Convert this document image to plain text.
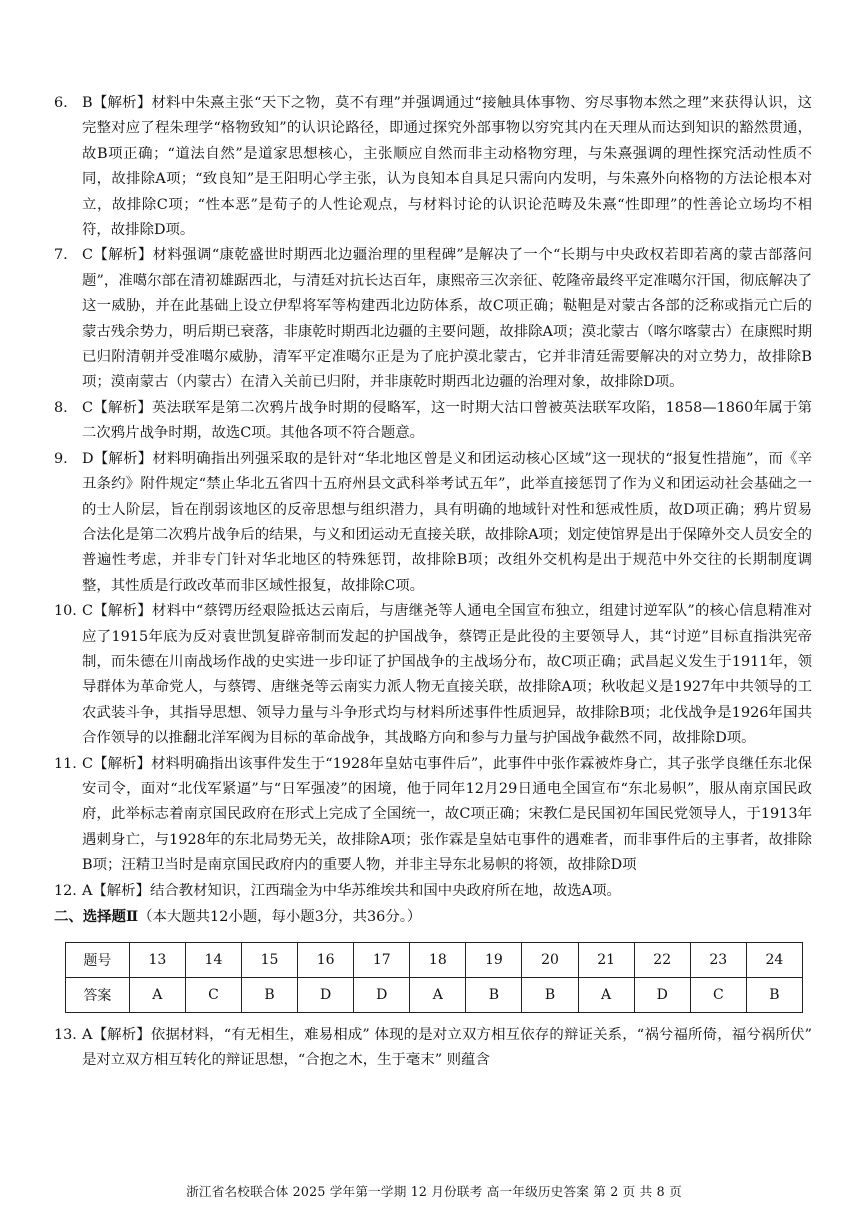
6. B【解析】材料中朱熹主张“天下之物，莫不有理”并强调通过“接触具体事物、穷尽事物本然之理”来获得认识，这完整对应了程朱理学“格物致知”的认识论路径，即通过探究外部事物以穷究其内在天理从而达到知识的豁然贯通，故B项正确；“道法自然”是道家思想核心，主张顺应自然而非主动格物穷理，与朱熹强调的理性探究活动性质不同，故排除A项；“致良知”是王阳明心学主张，认为良知本自具足只需向内发明，与朱熹外向格物的方法论根本对立，故排除C项；“性本恶”是荀子的人性论观点，与材料讨论的认识论范畴及朱熹“性即理”的性善论立场均不相符，故排除D项。
7. C【解析】材料强调“康乾盛世时期西北边疆治理的里程碑”是解决了一个“长期与中央政权若即若离的蒙古部落问题”，准噶尔部在清初雄踞西北，与清廷对抗长达百年，康熙帝三次亲征、乾隆帝最终平定准噶尔汗国，彻底解决了这一威胁，并在此基础上设立伊犁将军等构建西北边防体系，故C项正确；鞑靼是对蒙古各部的泛称或指元亡后的蒙古残余势力，明后期已衰落，非康乾时期西北边疆的主要问题，故排除A项；漠北蒙古（喀尔喀蒙古）在康熙时期已归附清朝并受准噶尔威胁，清军平定准噶尔正是为了庇护漠北蒙古，它并非清廷需要解决的对立势力，故排除B项；漠南蒙古（内蒙古）在清入关前已归附，并非康乾时期西北边疆的治理对象，故排除D项。
8. C【解析】英法联军是第二次鸦片战争时期的侵略军，这一时期大沽口曾被英法联军攻陷，1858—1860年属于第二次鸦片战争时期，故选C项。其他各项不符合题意。
9. D【解析】材料明确指出列强采取的是针对“华北地区曾是义和团运动核心区域”这一现状的“报复性措施”，而《辛丑条约》附件规定“禁止华北五省四十五府州县文武科举考试五年”，此举直接惩罚了作为义和团运动社会基础之一的士人阶层，旨在削弱该地区的反帝思想与组织潜力，具有明确的地域针对性和惩戒性质，故D项正确；鸦片贸易合法化是第二次鸦片战争后的结果，与义和团运动无直接关联，故排除A项；划定使馆界是出于保障外交人员安全的普遍性考虑，并非专门针对华北地区的特殊惩罚，故排除B项；改组外交机构是出于规范中外交往的长期制度调整，其性质是行政改革而非区域性报复，故排除C项。
10. C【解析】材料中“蔡锷历经艰险抵达云南后，与唐继尧等人通电全国宣布独立，组建讨逆军队”的核心信息精准对应了1915年底为反对袁世凯复辟帝制而发起的护国战争，蔡锷正是此役的主要领导人，其“讨逆”目标直指洪宪帝制，而朱德在川南战场作战的史实进一步印证了护国战争的主战场分布，故C项正确；武昌起义发生于1911年，领导群体为革命党人，与蔡锷、唐继尧等云南实力派人物无直接关联，故排除A项；秋收起义是1927年中共领导的工农武装斗争，其指导思想、领导力量与斗争形式均与材料所述事件性质迥异，故排除B项；北伐战争是1926年国共合作领导的以推翻北洋军阀为目标的革命战争，其战略方向和参与力量与护国战争截然不同，故排除D项。
11. C【解析】材料明确指出该事件发生于“1928年皇姑屯事件后”，此事件中张作霖被炸身亡，其子张学良继任东北保安司令，面对“北伐军紧逼”与“日军强凌”的困境，他于同年12月29日通电全国宣布“东北易帜”，服从南京国民政府，此举标志着南京国民政府在形式上完成了全国统一，故C项正确；宋教仁是民国初年国民党领导人，于1913年遇刺身亡，与1928年的东北局势无关，故排除A项；张作霖是皇姑屯事件的遇难者，而非事件后的主事者，故排除B项；汪精卫当时是南京国民政府内的重要人物，并非主导东北易帜的将领，故排除D项
12. A【解析】结合教材知识，江西瑞金为中华苏维埃共和国中央政府所在地，故选A项。
二、选择题Ⅱ（本大题共12小题，每小题3分，共36分。）
题号	13	14	15	16	17	18	19	20	21	22	23	24
答案	A	C	B	D	D	A	B	B	A	D	C	B
13. A【解析】依据材料，“有无相生，难易相成” 体现的是对立双方相互依存的辩证关系，“祸兮福所倚，福兮祸所伏” 是对立双方相互转化的辩证思想，“合抱之木，生于毫末” 则蕴含
浙江省名校联合体 2025 学年第一学期 12 月份联考 高一年级历史答案 第 2 页 共 8 页
